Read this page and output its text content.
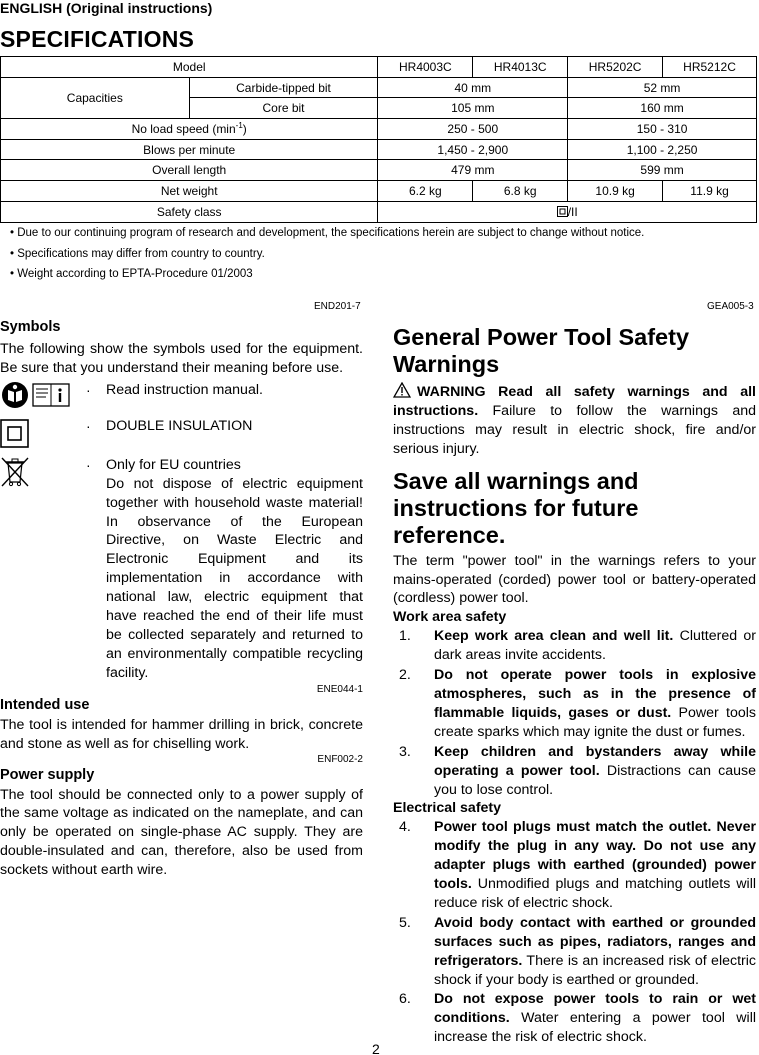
ENGLISH (Original instructions)
SPECIFICATIONS
Model		HR4003C	HR4013C	HR5202C	HR5212C
Capacities	Carbide-tipped bit	40 mm		52 mm	
	Core bit	105 mm		160 mm	
No load speed $(\min^{-1})$		250 - 500		150 - 310	
Blows per minute		1,450 - 2,900		1,100 - 2,250	
Overall length		479 mm		599 mm	
Net weight		6.2 kg	6.8 kg	10.9 kg	11.9 kg
Safety class		/II			
• Due to our continuing program of research and development, the specifications herein are subject to change without notice.
• Specifications may differ from country to country.
• Weight according to EPTA-Procedure 01/2003
END201-7	GEA005-3
Symbols
The following show the symbols used for the equipment. Be sure that you understand their meaning before use.
·	Read instruction manual.
·	DOUBLE INSULATION
·	Only for EU countries
Do not dispose of electric equipment together with household waste material! In observance of the European Directive, on Waste Electric and Electronic Equipment and its implementation in accordance with national law, electric equipment that have reached the end of their life must be collected separately and returned to an environmentally compatible recycling facility.
ENE044-1
Intended use
The tool is intended for hammer drilling in brick, concrete and stone as well as for chiselling work.
ENF002-2
Power supply
The tool should be connected only to a power supply of the same voltage as indicated on the nameplate, and can only be operated on single-phase AC supply. They are double-insulated and can, therefore, also be used from sockets without earth wire.
General Power Tool Safety Warnings
WARNING Read all safety warnings and all instructions. Failure to follow the warnings and instructions may result in electric shock, fire and/or serious injury.
Save all warnings and instructions for future reference.
The term "power tool" in the warnings refers to your mains-operated (corded) power tool or battery-operated (cordless) power tool.
Work area safety
1.	Keep work area clean and well lit. Cluttered or dark areas invite accidents.
2.	Do not operate power tools in explosive atmospheres, such as in the presence of flammable liquids, gases or dust. Power tools create sparks which may ignite the dust or fumes.
3.	Keep children and bystanders away while operating a power tool. Distractions can cause you to lose control.
Electrical safety
4.	Power tool plugs must match the outlet. Never modify the plug in any way. Do not use any adapter plugs with earthed (grounded) power tools. Unmodified plugs and matching outlets will reduce risk of electric shock.
5.	Avoid body contact with earthed or grounded surfaces such as pipes, radiators, ranges and refrigerators. There is an increased risk of electric shock if your body is earthed or grounded.
6.	Do not expose power tools to rain or wet conditions. Water entering a power tool will increase the risk of electric shock.
2
